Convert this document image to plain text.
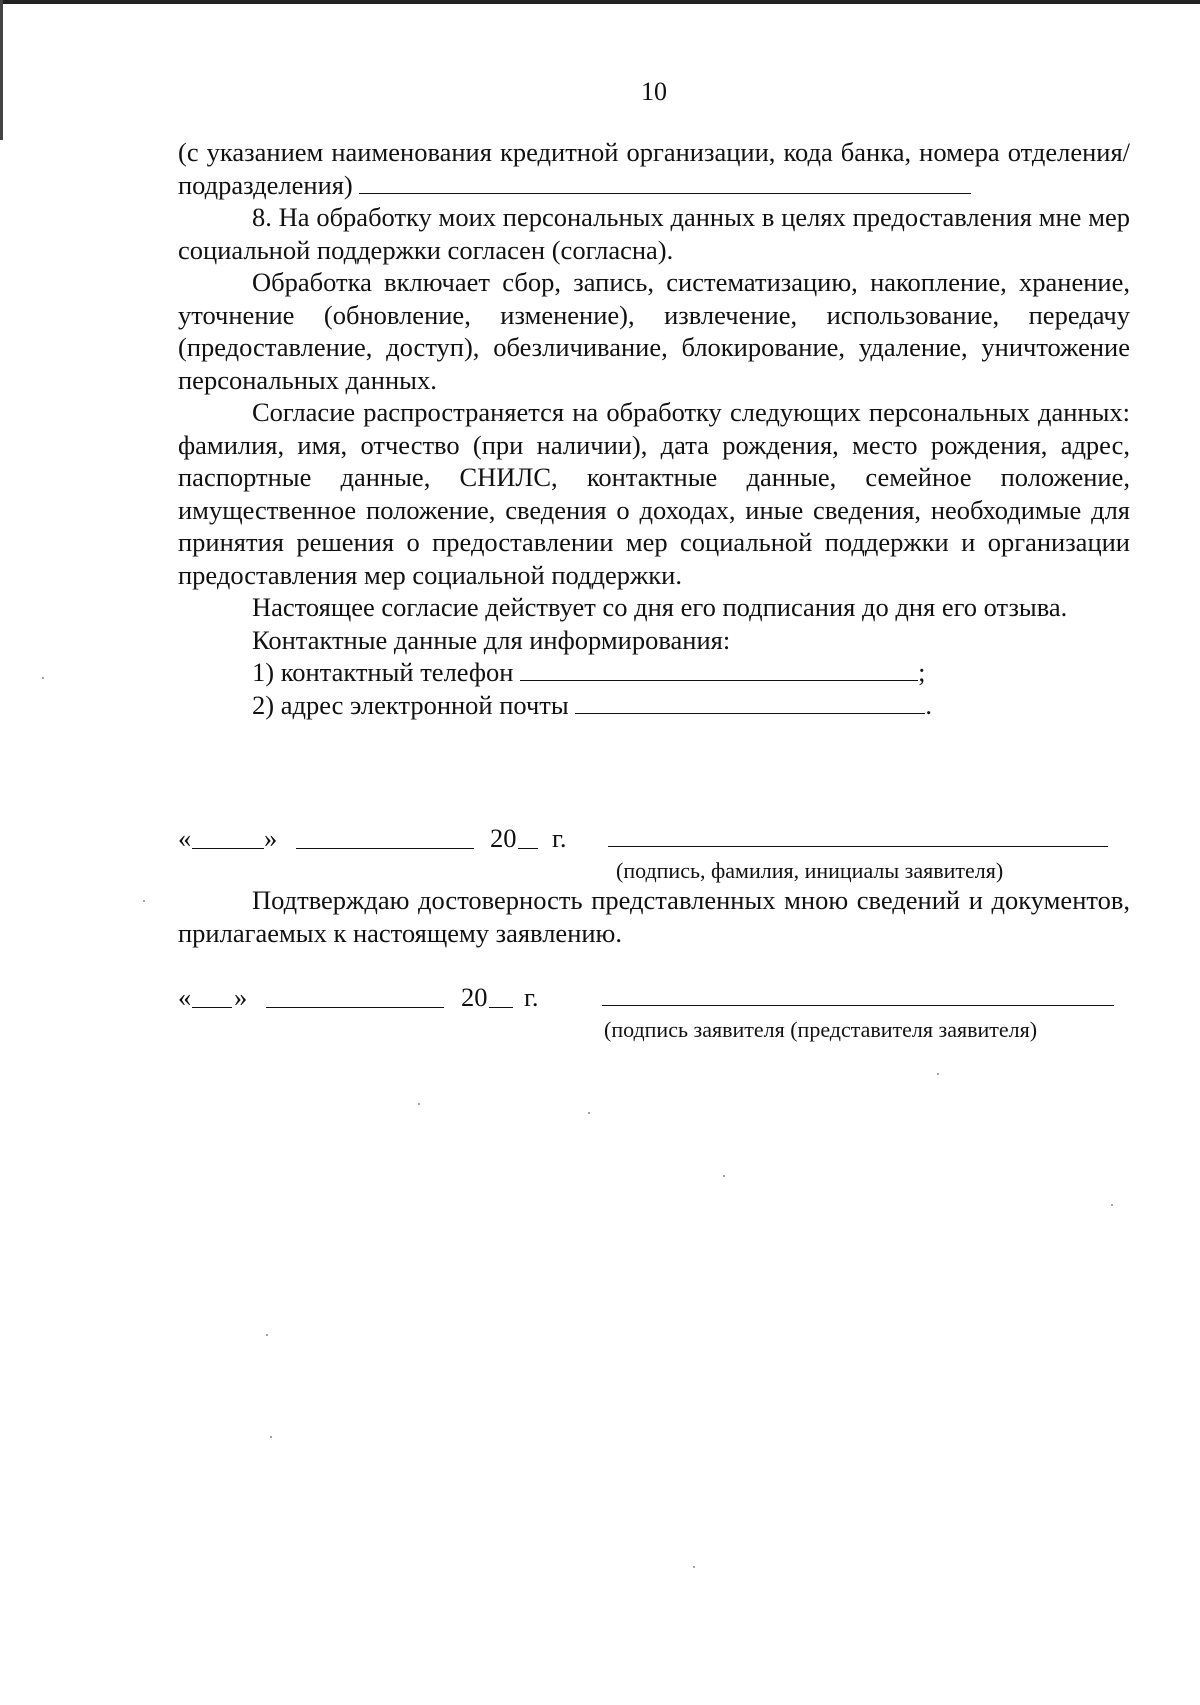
10

(с указанием наименования кредитной организации, кода банка, номера отделения/подразделения)

8. На обработку моих персональных данных в целях предоставления мне мер социальной поддержки согласен (согласна).

Обработка включает сбор, запись, систематизацию, накопление, хранение, уточнение (обновление, изменение), извлечение, использование, передачу (предоставление, доступ), обезличивание, блокирование, удаление, уничтожение персональных данных.

Согласие распространяется на обработку следующих персональных данных: фамилия, имя, отчество (при наличии), дата рождения, место рождения, адрес, паспортные данные, СНИЛС, контактные данные, семейное положение, имущественное положение, сведения о доходах, иные сведения, необходимые для принятия решения о предоставлении мер социальной поддержки и организации предоставления мер социальной поддержки.

Настоящее согласие действует со дня его подписания до дня его отзыва.

Контактные данные для информирования:

1) контактный телефон	;

2) адрес электронной почты	.

«	»	20 г.
(подпись, фамилия, инициалы заявителя)

Подтверждаю достоверность представленных мною сведений и документов, прилагаемых к настоящему заявлению.

« »	20 г.
(подпись заявителя (представителя заявителя)
